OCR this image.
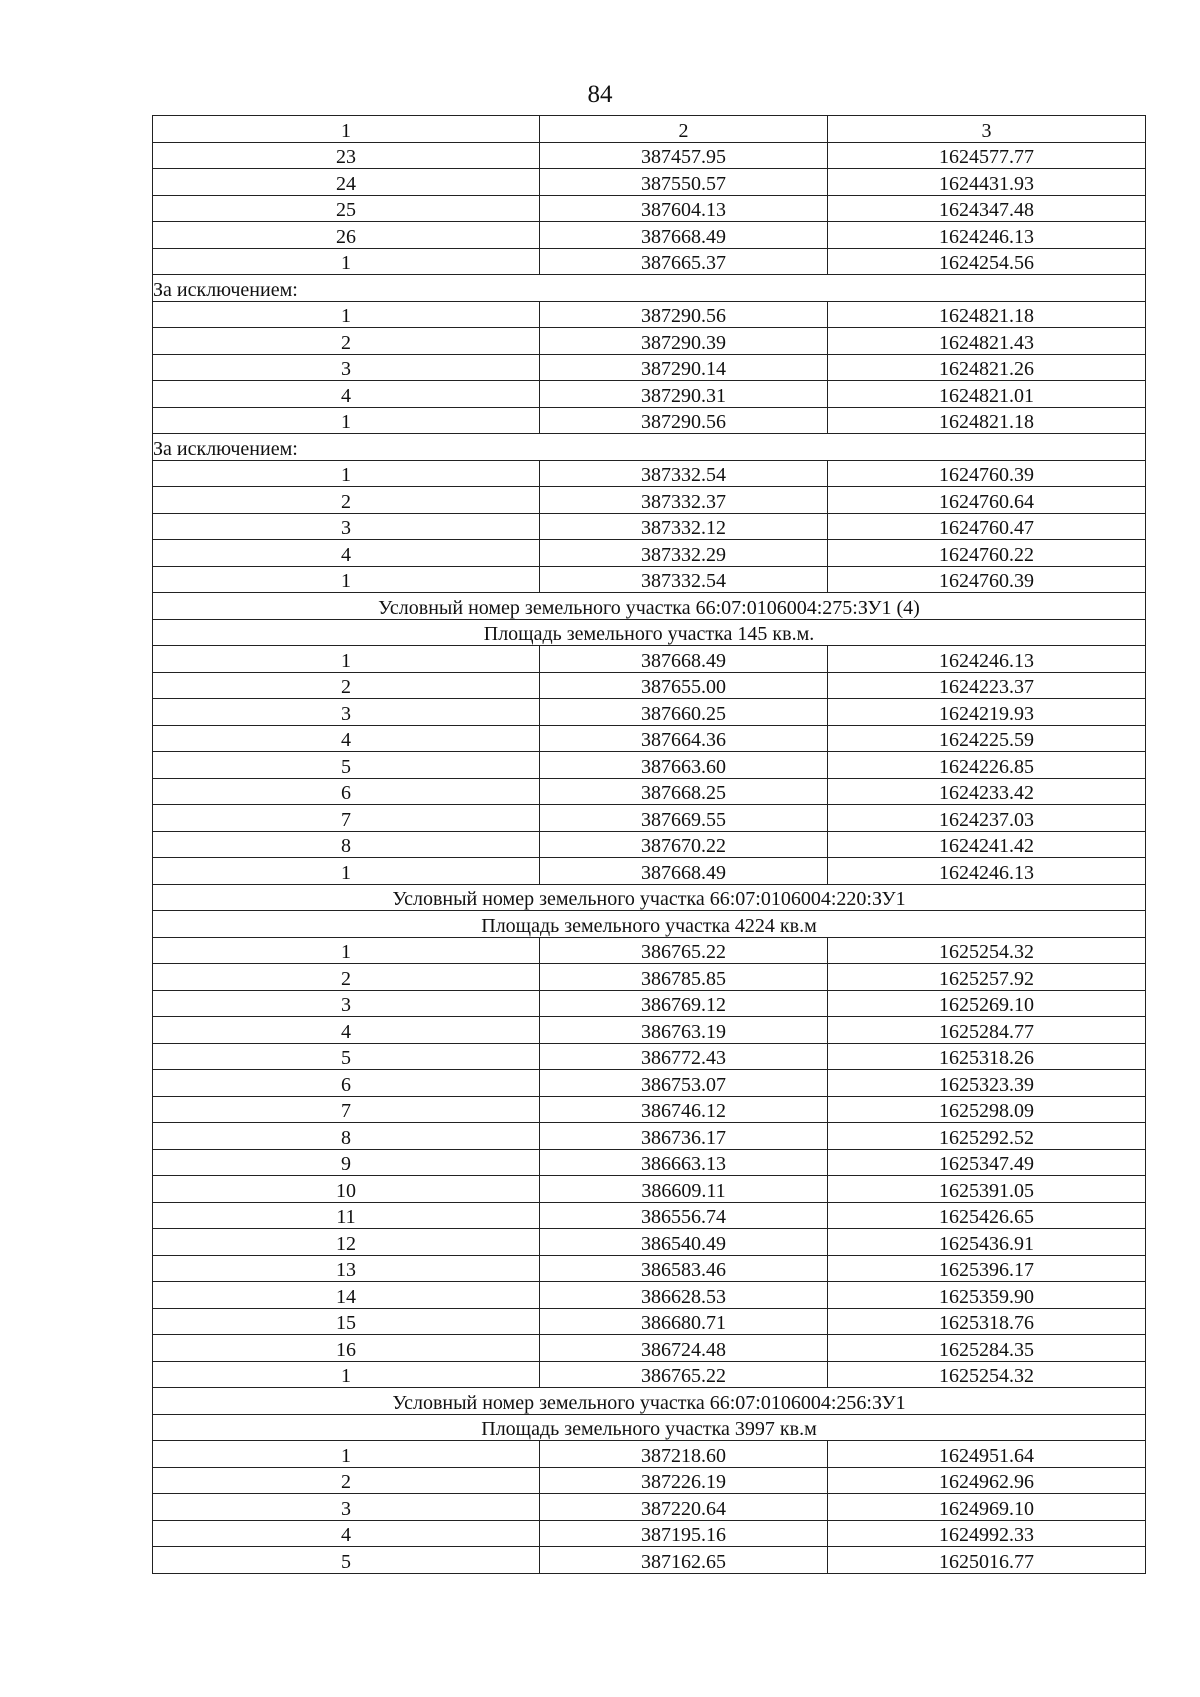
84
1	2	3
23	387457.95	1624577.77
24	387550.57	1624431.93
25	387604.13	1624347.48
26	387668.49	1624246.13
1	387665.37	1624254.56
За исключением:		
1	387290.56	1624821.18
2	387290.39	1624821.43
3	387290.14	1624821.26
4	387290.31	1624821.01
1	387290.56	1624821.18
За исключением:		
1	387332.54	1624760.39
2	387332.37	1624760.64
3	387332.12	1624760.47
4	387332.29	1624760.22
1	387332.54	1624760.39
Условный номер земельного участка 66:07:0106004:275:ЗУ1 (4)		
Площадь земельного участка 145 кв.м.		
1	387668.49	1624246.13
2	387655.00	1624223.37
3	387660.25	1624219.93
4	387664.36	1624225.59
5	387663.60	1624226.85
6	387668.25	1624233.42
7	387669.55	1624237.03
8	387670.22	1624241.42
1	387668.49	1624246.13
Условный номер земельного участка 66:07:0106004:220:ЗУ1		
Площадь земельного участка 4224 кв.м		
1	386765.22	1625254.32
2	386785.85	1625257.92
3	386769.12	1625269.10
4	386763.19	1625284.77
5	386772.43	1625318.26
6	386753.07	1625323.39
7	386746.12	1625298.09
8	386736.17	1625292.52
9	386663.13	1625347.49
10	386609.11	1625391.05
11	386556.74	1625426.65
12	386540.49	1625436.91
13	386583.46	1625396.17
14	386628.53	1625359.90
15	386680.71	1625318.76
16	386724.48	1625284.35
1	386765.22	1625254.32
Условный номер земельного участка 66:07:0106004:256:ЗУ1		
Площадь земельного участка 3997 кв.м		
1	387218.60	1624951.64
2	387226.19	1624962.96
3	387220.64	1624969.10
4	387195.16	1624992.33
5	387162.65	1625016.77
